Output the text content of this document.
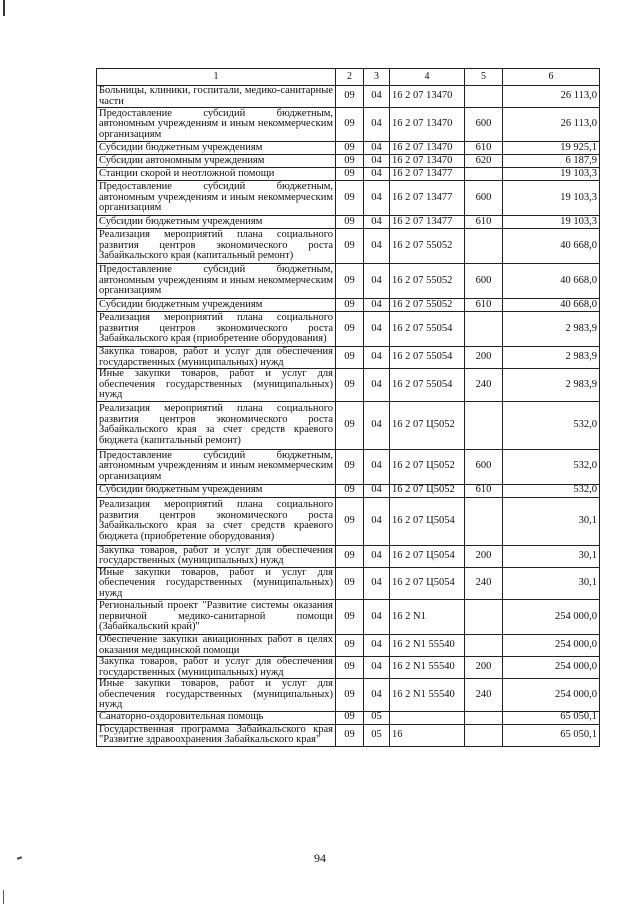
1	2	3	4	5	6
Больницы, клиники, госпитали, медико-санитарные части	09	04	16 2 07 13470		26 113,0
Предоставление субсидий бюджетным, автономным учреждениям и иным некоммерческим организациям	09	04	16 2 07 13470	600	26 113,0
Субсидии бюджетным учреждениям	09	04	16 2 07 13470	610	19 925,1
Субсидии автономным учреждениям	09	04	16 2 07 13470	620	6 187,9
Станции скорой и неотложной помощи	09	04	16 2 07 13477		19 103,3
Предоставление субсидий бюджетным, автономным учреждениям и иным некоммерческим организациям	09	04	16 2 07 13477	600	19 103,3
Субсидии бюджетным учреждениям	09	04	16 2 07 13477	610	19 103,3
Реализация мероприятий плана социального развития центров экономического роста Забайкальского края (капитальный ремонт)	09	04	16 2 07 55052		40 668,0
Предоставление субсидий бюджетным, автономным учреждениям и иным некоммерческим организациям	09	04	16 2 07 55052	600	40 668,0
Субсидии бюджетным учреждениям	09	04	16 2 07 55052	610	40 668,0
Реализация мероприятий плана социального развития центров экономического роста Забайкальского края (приобретение оборудования)	09	04	16 2 07 55054		2 983,9
Закупка товаров, работ и услуг для обеспечения государственных (муниципальных) нужд	09	04	16 2 07 55054	200	2 983,9
Иные закупки товаров, работ и услуг для обеспечения государственных (муниципальных) нужд	09	04	16 2 07 55054	240	2 983,9
Реализация мероприятий плана социального развития центров экономического роста Забайкальского края за счет средств краевого бюджета (капитальный ремонт)	09	04	16 2 07 Ц5052		532,0
Предоставление субсидий бюджетным, автономным учреждениям и иным некоммерческим организациям	09	04	16 2 07 Ц5052	600	532,0
Субсидии бюджетным учреждениям	09	04	16 2 07 Ц5052	610	532,0
Реализация мероприятий плана социального развития центров экономического роста Забайкальского края за счет средств краевого бюджета (приобретение оборудования)	09	04	16 2 07 Ц5054		30,1
Закупка товаров, работ и услуг для обеспечения государственных (муниципальных) нужд	09	04	16 2 07 Ц5054	200	30,1
Иные закупки товаров, работ и услуг для обеспечения государственных (муниципальных) нужд	09	04	16 2 07 Ц5054	240	30,1
Региональный проект "Развитие системы оказания первичной медико-санитарной помощи (Забайкальский край)"	09	04	16 2 N1		254 000,0
Обеспечение закупки авиационных работ в целях оказания медицинской помощи	09	04	16 2 N1 55540		254 000,0
Закупка товаров, работ и услуг для обеспечения государственных (муниципальных) нужд	09	04	16 2 N1 55540	200	254 000,0
Иные закупки товаров, работ и услуг для обеспечения государственных (муниципальных) нужд	09	04	16 2 N1 55540	240	254 000,0
Санаторно-оздоровительная помощь	09	05			65 050,1
Государственная программа Забайкальского края "Развитие здравоохранения Забайкальского края"	09	05	16		65 050,1
94
